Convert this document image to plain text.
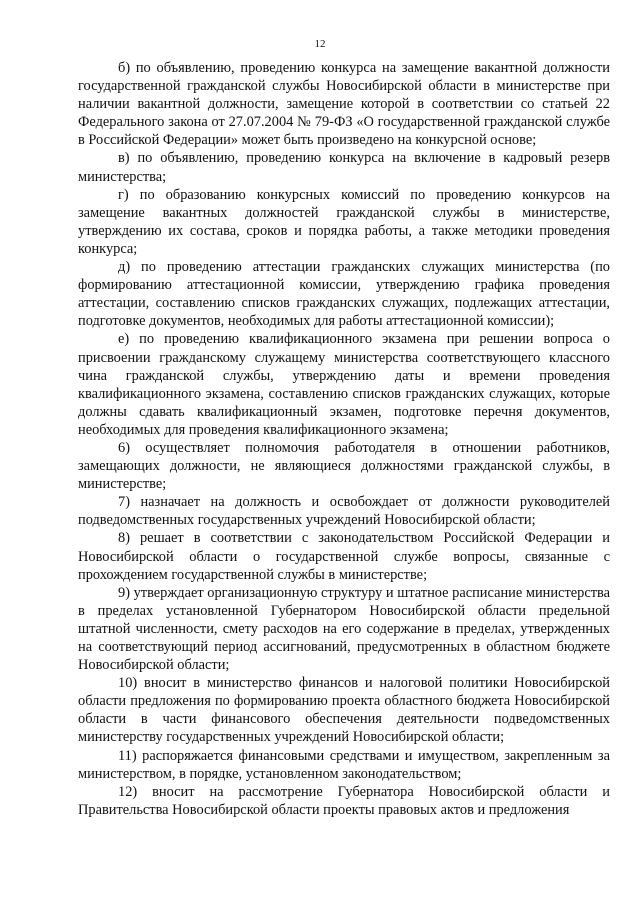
12

б) по объявлению, проведению конкурса на замещение вакантной должности государственной гражданской службы Новосибирской области в министерстве при наличии вакантной должности, замещение которой в соответствии со статьей 22 Федерального закона от 27.07.2004 № 79-ФЗ «О государственной гражданской службе в Российской Федерации» может быть произведено на конкурсной основе;

в) по объявлению, проведению конкурса на включение в кадровый резерв министерства;

г) по образованию конкурсных комиссий по проведению конкурсов на замещение вакантных должностей гражданской службы в министерстве, утверждению их состава, сроков и порядка работы, а также методики проведения конкурса;

д) по проведению аттестации гражданских служащих министерства (по формированию аттестационной комиссии, утверждению графика проведения аттестации, составлению списков гражданских служащих, подлежащих аттестации, подготовке документов, необходимых для работы аттестационной комиссии);

е) по проведению квалификационного экзамена при решении вопроса о присвоении гражданскому служащему министерства соответствующего классного чина гражданской службы, утверждению даты и времени проведения квалификационного экзамена, составлению списков гражданских служащих, которые должны сдавать квалификационный экзамен, подготовке перечня документов, необходимых для проведения квалификационного экзамена;

6) осуществляет полномочия работодателя в отношении работников, замещающих должности, не являющиеся должностями гражданской службы, в министерстве;

7) назначает на должность и освобождает от должности руководителей подведомственных государственных учреждений Новосибирской области;

8) решает в соответствии с законодательством Российской Федерации и Новосибирской области о государственной службе вопросы, связанные с прохождением государственной службы в министерстве;

9) утверждает организационную структуру и штатное расписание министерства в пределах установленной Губернатором Новосибирской области предельной штатной численности, смету расходов на его содержание в пределах, утвержденных на соответствующий период ассигнований, предусмотренных в областном бюджете Новосибирской области;

10) вносит в министерство финансов и налоговой политики Новосибирской области предложения по формированию проекта областного бюджета Новосибирской области в части финансового обеспечения деятельности подведомственных министерству государственных учреждений Новосибирской области;

11) распоряжается финансовыми средствами и имуществом, закрепленным за министерством, в порядке, установленном законодательством;

12) вносит на рассмотрение Губернатора Новосибирской области и Правительства Новосибирской области проекты правовых актов и предложения
